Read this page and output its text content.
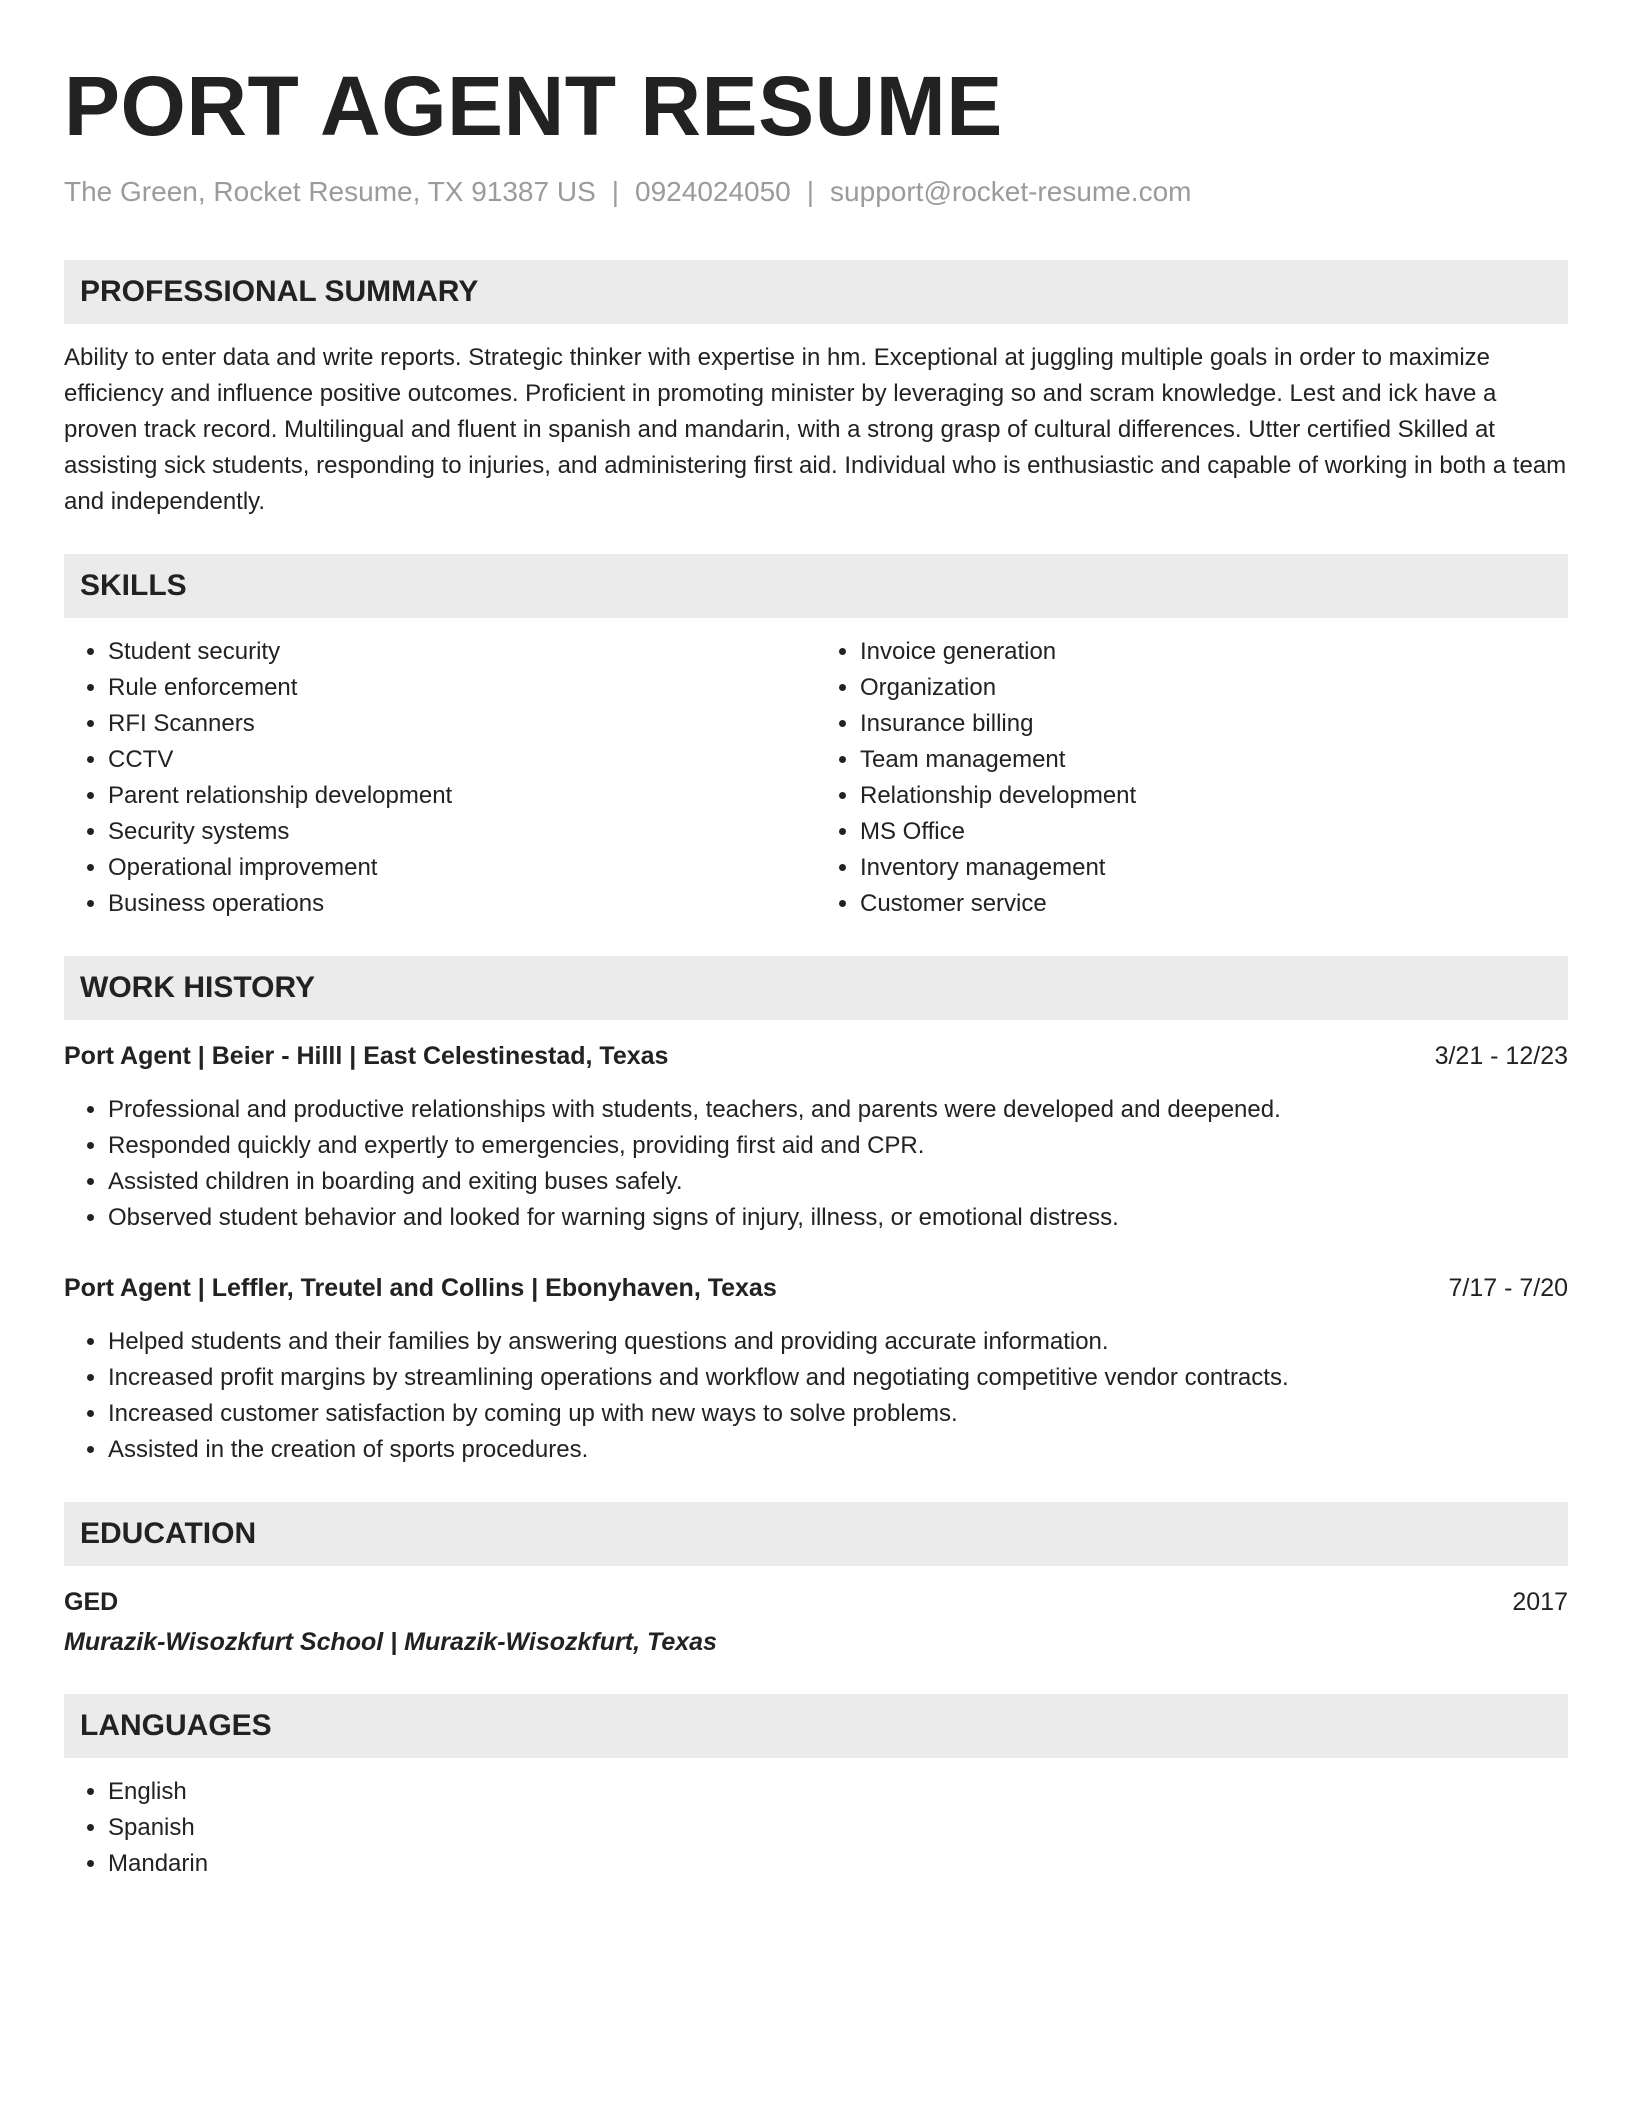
PORT AGENT RESUME
The Green, Rocket Resume, TX 91387 US | 0924024050 | support@rocket-resume.com
PROFESSIONAL SUMMARY

Ability to enter data and write reports. Strategic thinker with expertise in hm. Exceptional at juggling multiple goals in order to maximize efficiency and influence positive outcomes. Proficient in promoting minister by leveraging so and scram knowledge. Lest and ick have a proven track record. Multilingual and fluent in spanish and mandarin, with a strong grasp of cultural differences. Utter certified Skilled at assisting sick students, responding to injuries, and administering first aid. Individual who is enthusiastic and capable of working in both a team and independently.

SKILLS
• Student security
• Rule enforcement
• RFI Scanners
• CCTV
• Parent relationship development
• Security systems
• Operational improvement
• Business operations
• Invoice generation
• Organization
• Insurance billing
• Team management
• Relationship development
• MS Office
• Inventory management
• Customer service
WORK HISTORY
Port Agent | Beier - Hilll | East Celestinestad, Texas	3/21 - 12/23
• Professional and productive relationships with students, teachers, and parents were developed and deepened.
• Responded quickly and expertly to emergencies, providing first aid and CPR.
• Assisted children in boarding and exiting buses safely.
• Observed student behavior and looked for warning signs of injury, illness, or emotional distress.
Port Agent | Leffler, Treutel and Collins | Ebonyhaven, Texas	7/17 - 7/20
• Helped students and their families by answering questions and providing accurate information.
• Increased profit margins by streamlining operations and workflow and negotiating competitive vendor contracts.
• Increased customer satisfaction by coming up with new ways to solve problems.
• Assisted in the creation of sports procedures.
EDUCATION
GED	2017
Murazik-Wisozkfurt School | Murazik-Wisozkfurt, Texas
LANGUAGES
• English
• Spanish
• Mandarin
